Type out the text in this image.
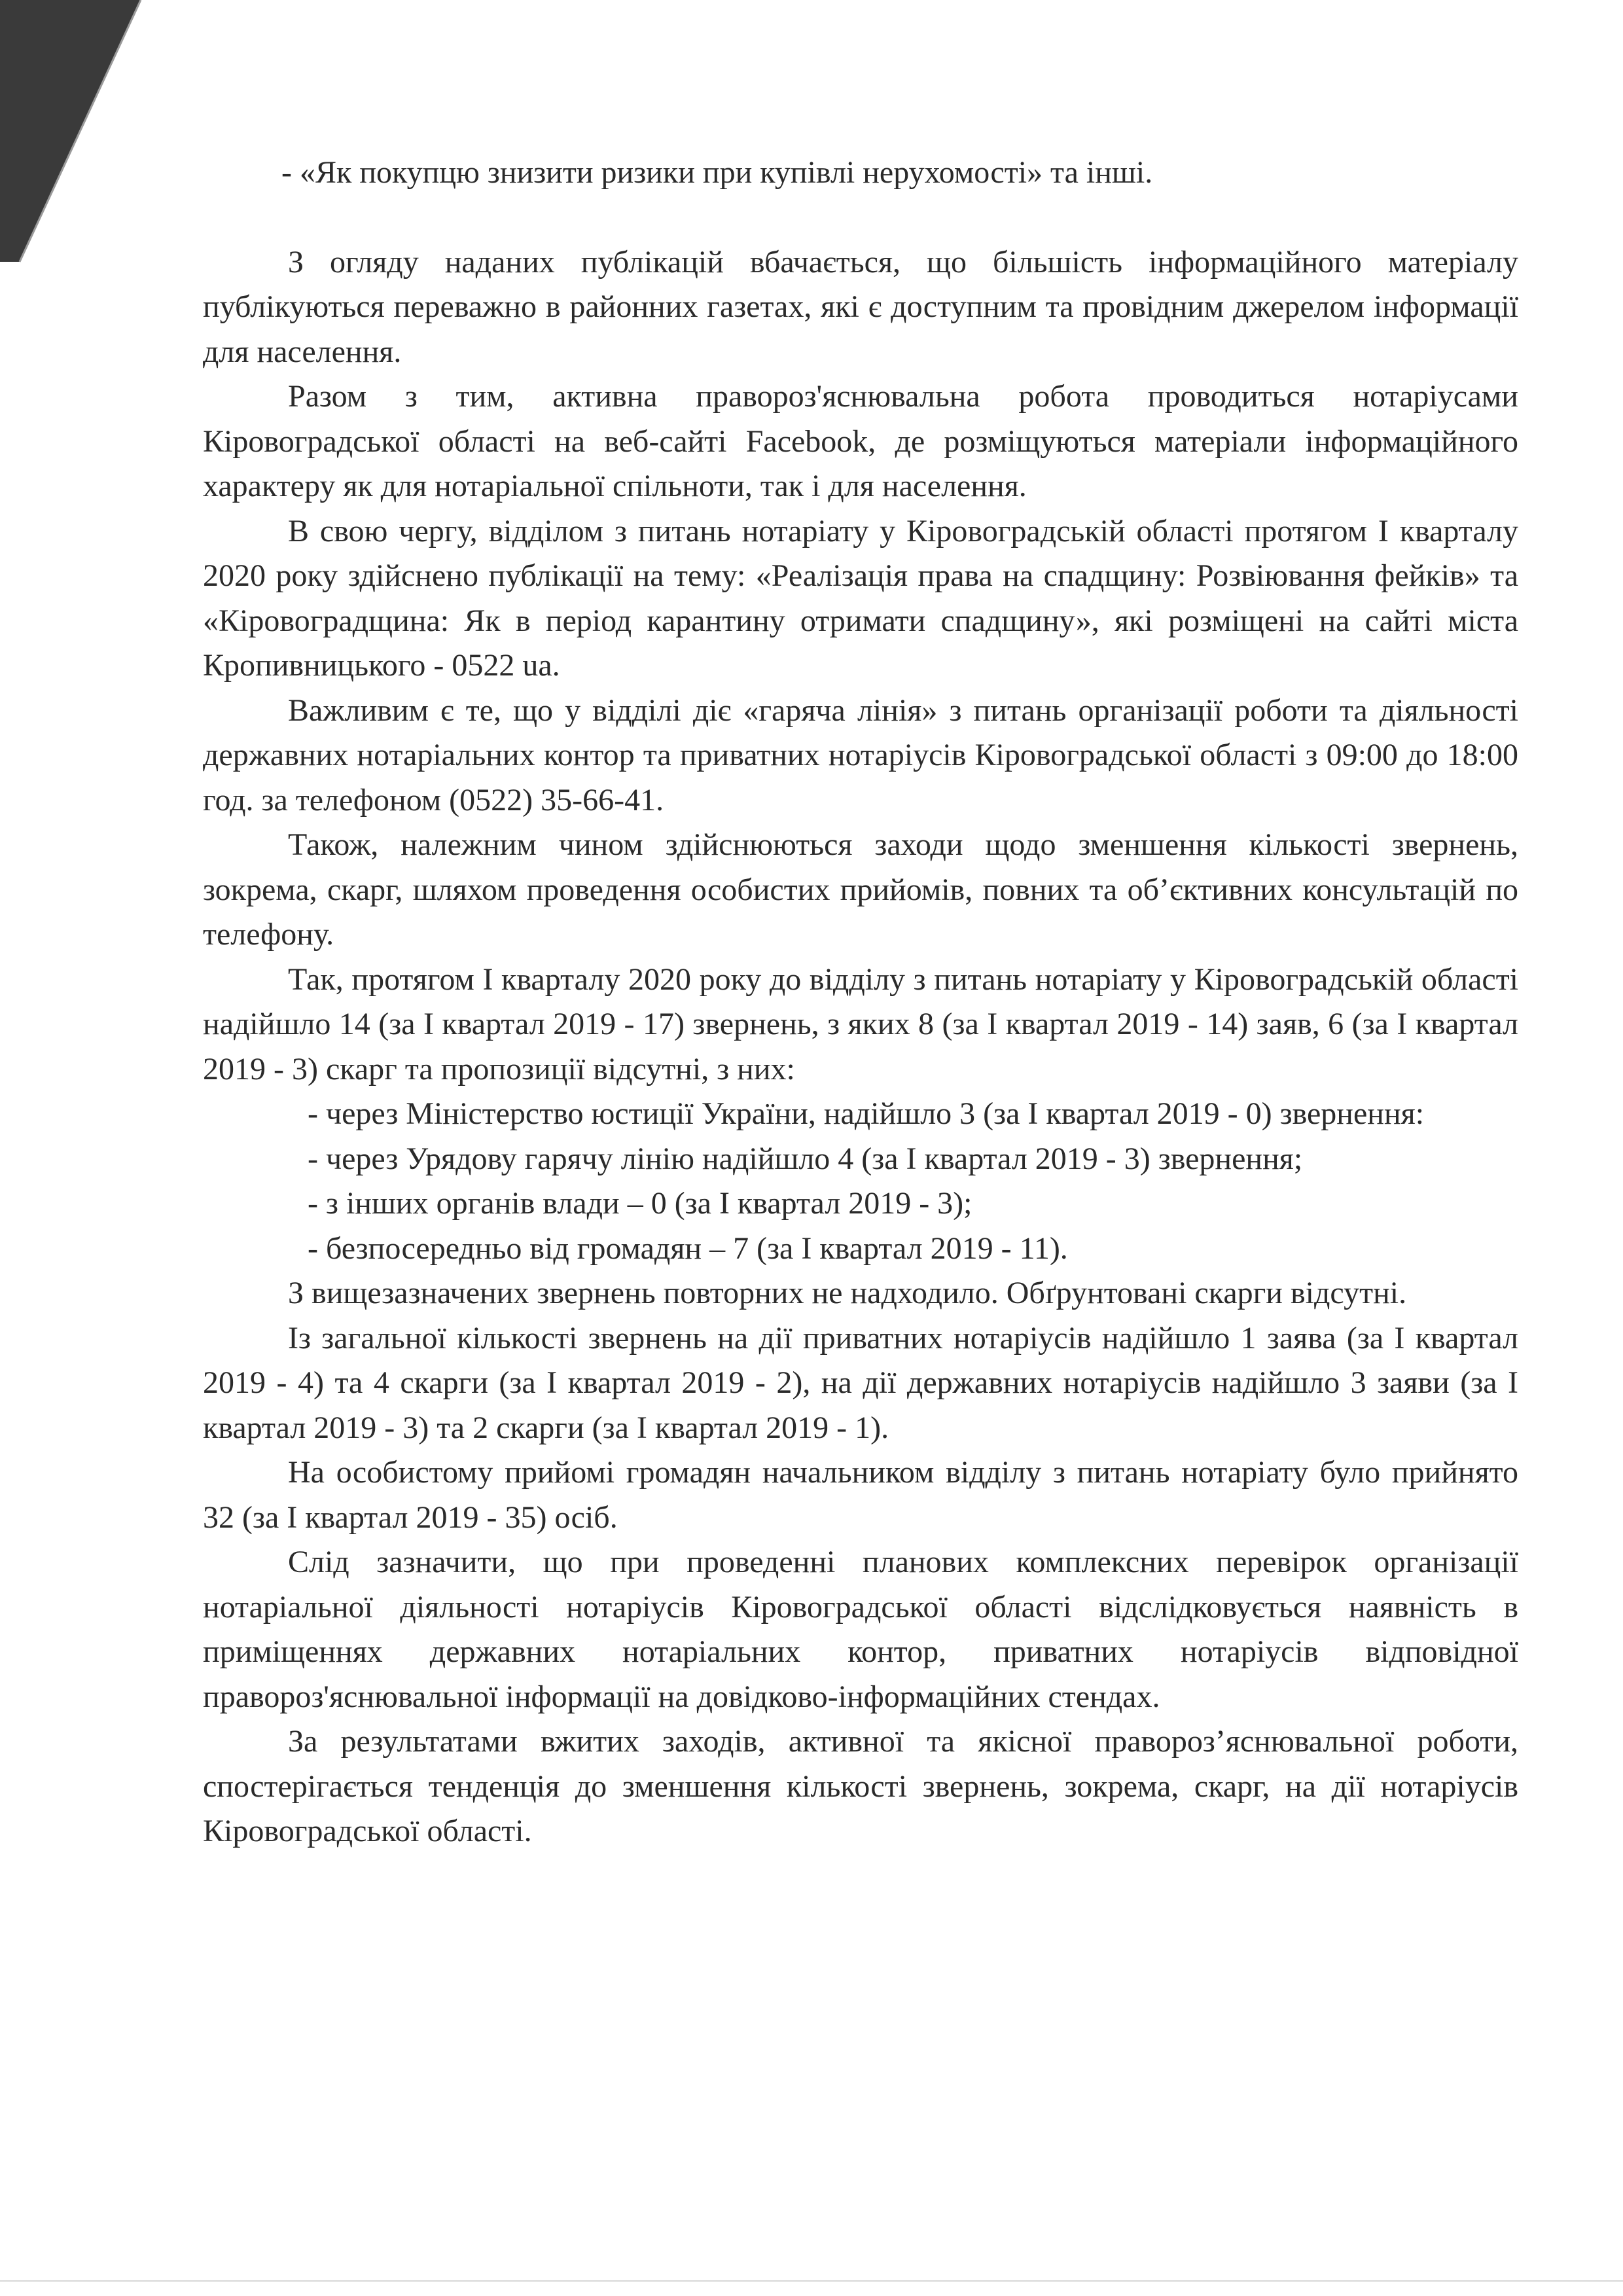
- «Як покупцю знизити ризики при купівлі нерухомості» та інші.

З огляду наданих публікацій вбачається, що більшість інформаційного матеріалу публікуються переважно в районних газетах, які є доступним та провідним джерелом інформації для населення.

Разом з тим, активна праворoз'яснювальна робота проводиться нотаріусами Кіровоградської області на веб-сайті Facebook, де розміщуються матеріали інформаційного характеру як для нотаріальної спільноти, так і для населення.

В свою чергу, відділом з питань нотаріату у Кіровоградській області протягом І кварталу 2020 року здійснено публікації на тему: «Реалізація права на спадщину: Розвіювання фейків» та «Кіровоградщина: Як в період карантину отримати спадщину», які розміщені на сайті міста Кропивницького - 0522 ua.

Важливим є те, що у відділі діє «гаряча лінія» з питань організації роботи та діяльності державних нотаріальних контор та приватних нотаріусів Кіровоградської області з 09:00 до 18:00 год. за телефоном (0522) 35-66-41.

Також, належним чином здійснюються заходи щодо зменшення кількості звернень, зокрема, скарг, шляхом проведення особистих прийомів, повних та об’єктивних консультацій по телефону.

Так, протягом І кварталу 2020 року до відділу з питань нотаріату у Кіровоградській області надійшло 14 (за І квартал 2019 - 17) звернень, з яких 8 (за І квартал 2019 - 14) заяв, 6 (за І квартал 2019 - 3) скарг та пропозиції відсутні, з них:

- через Міністерство юстиції України, надійшло 3 (за І квартал 2019 - 0) звернення:

- через Урядову гарячу лінію надійшло 4 (за І квартал 2019 - 3) звернення;

- з інших органів влади – 0 (за І квартал 2019 - 3);

- безпосередньо від громадян – 7 (за І квартал 2019 - 11).

З вищезазначених звернень повторних не надходило. Обґрунтовані скарги відсутні.

Із загальної кількості звернень на дії приватних нотаріусів надійшло 1 заява (за І квартал 2019 - 4) та 4 скарги (за І квартал 2019 - 2), на дії державних нотаріусів надійшло 3 заяви (за І квартал 2019 - 3) та 2 скарги (за І квартал 2019 - 1).

На особистому прийомі громадян начальником відділу з питань нотаріату було прийнято 32 (за І квартал 2019 - 35) осіб.

Слід зазначити, що при проведенні планових комплексних перевірок організації нотаріальної діяльності нотаріусів Кіровоградської області відслідковується наявність в приміщеннях державних нотаріальних контор, приватних нотаріусів відповідної правороз'яснювальної інформації на довідково-інформаційних стендах.

За результатами вжитих заходів, активної та якісної правороз’яснювальної роботи, спостерігається тенденція до зменшення кількості звернень, зокрема, скарг, на дії нотаріусів Кіровоградської області.
